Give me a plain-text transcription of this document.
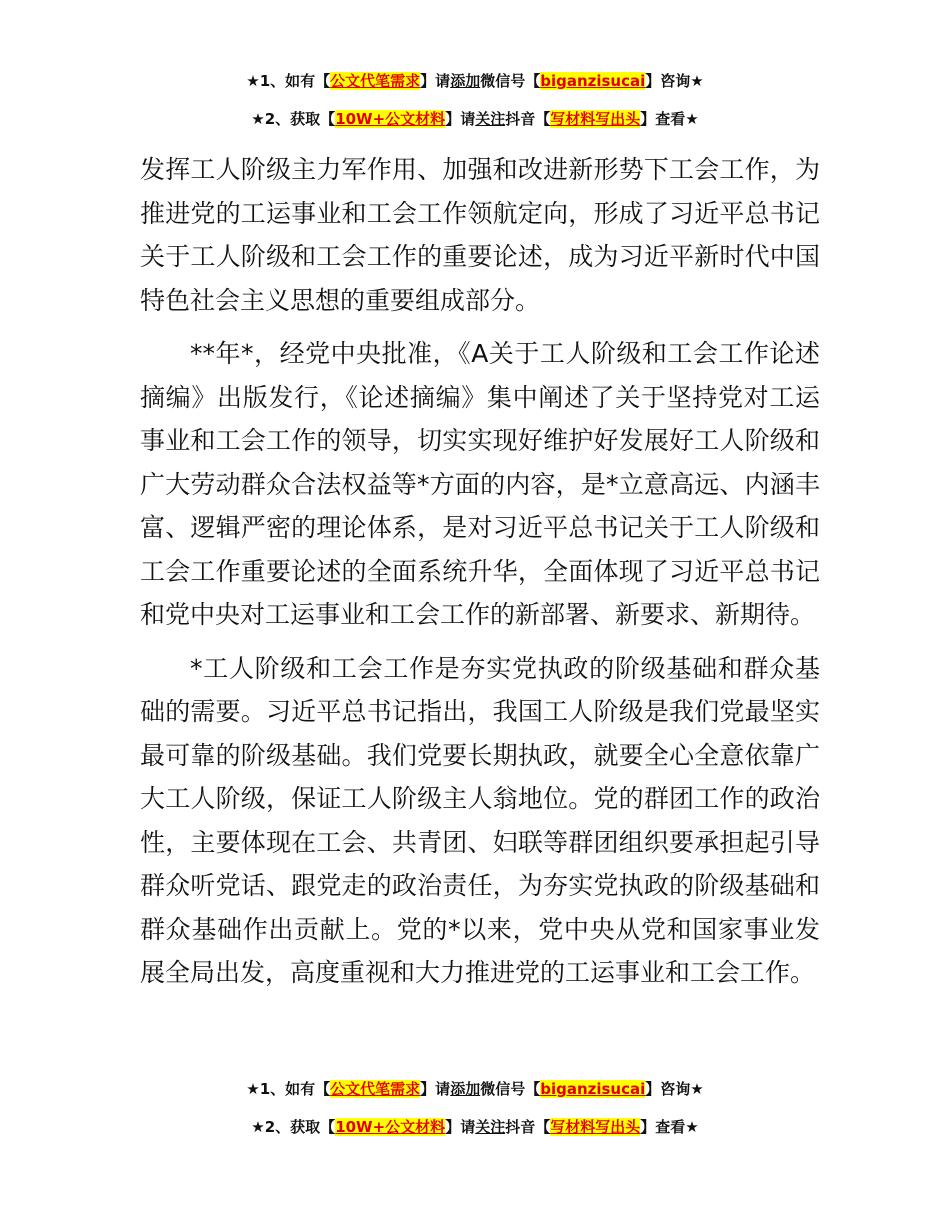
★1、如有【公文代笔需求】请添加微信号【biganzisucai】咨询★
★2、获取【10W+公文材料】请关注抖音【写材料写出头】查看★

发挥工人阶级主力军作用、加强和改进新形势下工会工作，为推进党的工运事业和工会工作领航定向，形成了习近平总书记关于工人阶级和工会工作的重要论述，成为习近平新时代中国特色社会主义思想的重要组成部分。

**年*，经党中央批准，《A关于工人阶级和工会工作论述摘编》出版发行，《论述摘编》集中阐述了关于坚持党对工运事业和工会工作的领导，切实实现好维护好发展好工人阶级和广大劳动群众合法权益等*方面的内容，是*立意高远、内涵丰富、逻辑严密的理论体系，是对习近平总书记关于工人阶级和工会工作重要论述的全面系统升华，全面体现了习近平总书记和党中央对工运事业和工会工作的新部署、新要求、新期待。

*工人阶级和工会工作是夯实党执政的阶级基础和群众基础的需要。习近平总书记指出，我国工人阶级是我们党最坚实最可靠的阶级基础。我们党要长期执政，就要全心全意依靠广大工人阶级，保证工人阶级主人翁地位。党的群团工作的政治性，主要体现在工会、共青团、妇联等群团组织要承担起引导群众听党话、跟党走的政治责任，为夯实党执政的阶级基础和群众基础作出贡献上。党的*以来，党中央从党和国家事业发展全局出发，高度重视和大力推进党的工运事业和工会工作。

★1、如有【公文代笔需求】请添加微信号【biganzisucai】咨询★
★2、获取【10W+公文材料】请关注抖音【写材料写出头】查看★
